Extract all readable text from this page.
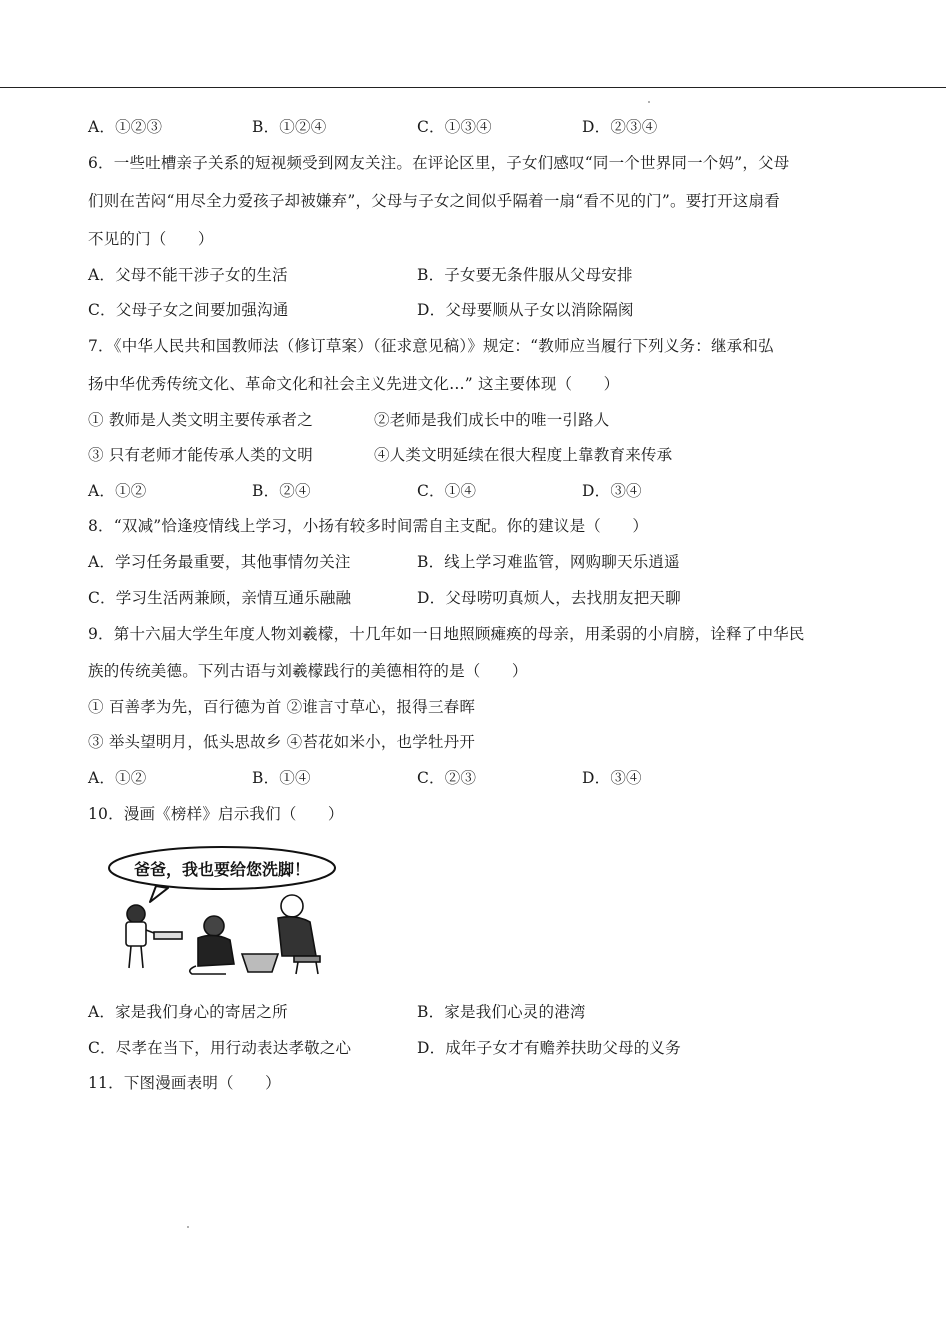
A．①②③	B．①②④	C．①③④	D．②③④
6．一些吐槽亲子关系的短视频受到网友关注。在评论区里，子女们感叹“同一个世界同一个妈”，父母
们则在苦闷“用尽全力爱孩子却被嫌弃”，父母与子女之间似乎隔着一扇“看不见的门”。要打开这扇看
不见的门（　　）
A．父母不能干涉子女的生活	B．子女要无条件服从父母安排
C．父母子女之间要加强沟通	D．父母要顺从子女以消除隔阂
7．《中华人民共和国教师法（修订草案）（征求意见稿）》规定：“教师应当履行下列义务：继承和弘
扬中华优秀传统文化、革命文化和社会主义先进文化…” 这主要体现（　　）
① 教师是人类文明主要传承者之	②老师是我们成长中的唯一引路人
③ 只有老师才能传承人类的文明	④人类文明延续在很大程度上靠教育来传承
A．①②	B．②④	C．①④	D．③④
8．“双减”恰逢疫情线上学习，小扬有较多时间需自主支配。你的建议是（　　）
A．学习任务最重要，其他事情勿关注	B．线上学习难监管，网购聊天乐逍遥
C．学习生活两兼顾，亲情互通乐融融	D．父母唠叨真烦人，去找朋友把天聊
9．第十六届大学生年度人物刘羲檬，十几年如一日地照顾瘫痪的母亲，用柔弱的小肩膀，诠释了中华民
族的传统美德。下列古语与刘羲檬践行的美德相符的是（　　）
① 百善孝为先，百行德为首 ②谁言寸草心，报得三春晖
③ 举头望明月，低头思故乡 ④苔花如米小，也学牡丹开
A．①②	B．①④	C．②③	D．③④
10．漫画《榜样》启示我们（　　）
爸爸，我也要给您洗脚！
A．家是我们身心的寄居之所	B．家是我们心灵的港湾
C．尽孝在当下，用行动表达孝敬之心	D．成年子女才有赡养扶助父母的义务
11．下图漫画表明（　　）
